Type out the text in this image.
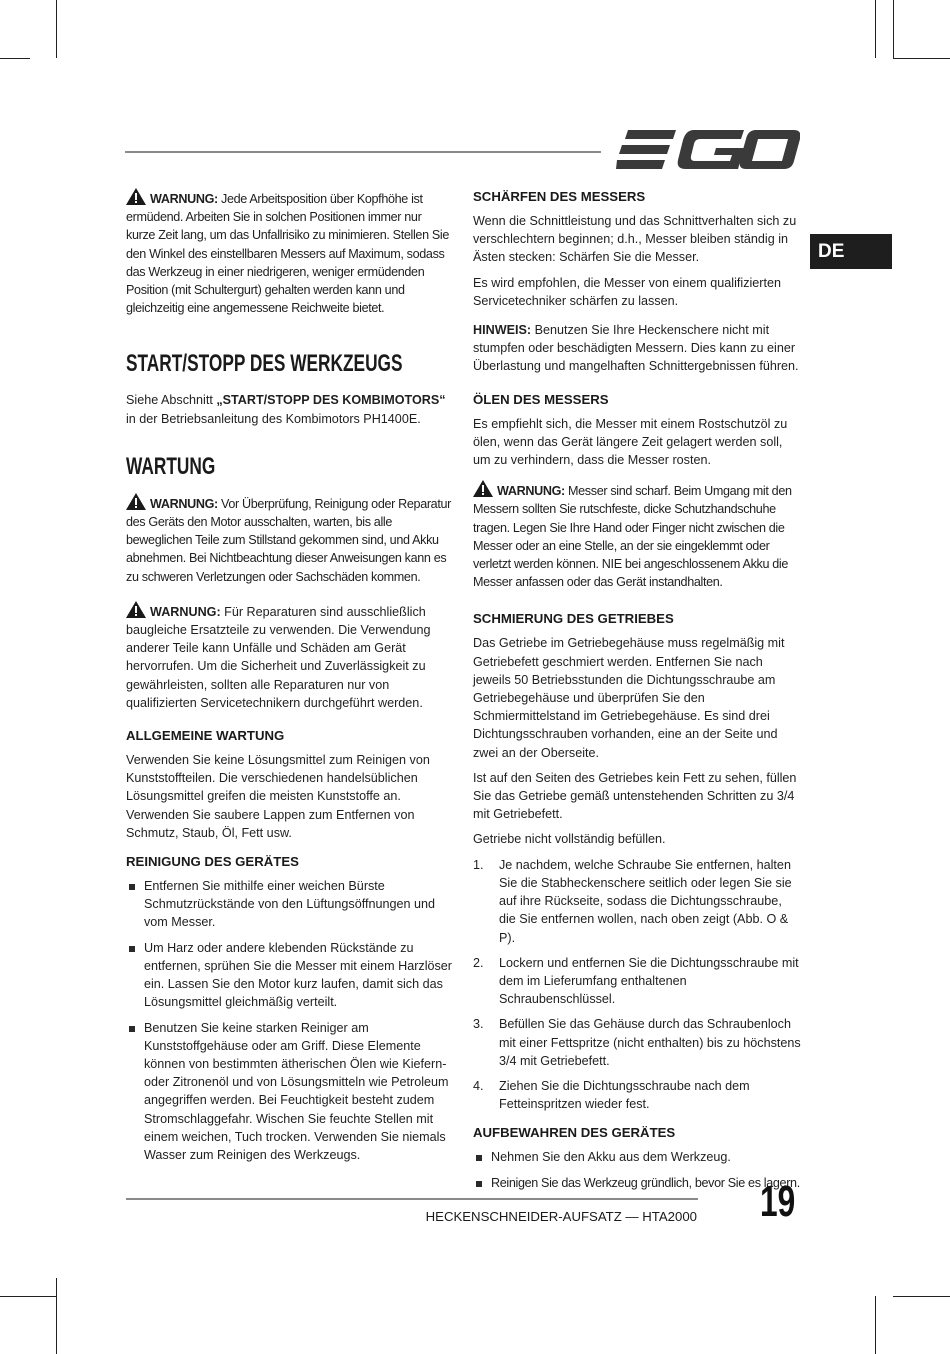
EGO
DE

WARNUNG: Jede Arbeitsposition über Kopfhöhe ist ermüdend. Arbeiten Sie in solchen Positionen immer nur kurze Zeit lang, um das Unfallrisiko zu minimieren. Stellen Sie den Winkel des einstellbaren Messers auf Maximum, sodass das Werkzeug in einer niedrigeren, weniger ermüdenden Position (mit Schultergurt) gehalten werden kann und gleichzeitig eine angemessene Reichweite bietet.

START/STOPP DES WERKZEUGS

Siehe Abschnitt „START/STOPP DES KOMBIMOTORS“ in der Betriebsanleitung des Kombimotors PH1400E.

WARTUNG

WARNUNG: Vor Überprüfung, Reinigung oder Reparatur des Geräts den Motor ausschalten, warten, bis alle beweglichen Teile zum Stillstand gekommen sind, und Akku abnehmen. Bei Nichtbeachtung dieser Anweisungen kann es zu schweren Verletzungen oder Sachschäden kommen.

WARNUNG: Für Reparaturen sind ausschließlich baugleiche Ersatzteile zu verwenden. Die Verwendung anderer Teile kann Unfälle und Schäden am Gerät hervorrufen. Um die Sicherheit und Zuverlässigkeit zu gewährleisten, sollten alle Reparaturen nur von qualifizierten Servicetechnikern durchgeführt werden.

ALLGEMEINE WARTUNG

Verwenden Sie keine Lösungsmittel zum Reinigen von Kunststoffteilen. Die verschiedenen handelsüblichen Lösungsmittel greifen die meisten Kunststoffe an. Verwenden Sie saubere Lappen zum Entfernen von Schmutz, Staub, Öl, Fett usw.

REINIGUNG DES GERÄTES
Entfernen Sie mithilfe einer weichen Bürste Schmutzrückstände von den Lüftungsöffnungen und vom Messer.
Um Harz oder andere klebenden Rückstände zu entfernen, sprühen Sie die Messer mit einem Harzlöser ein. Lassen Sie den Motor kurz laufen, damit sich das Lösungsmittel gleichmäßig verteilt.
Benutzen Sie keine starken Reiniger am Kunststoffgehäuse oder am Griff. Diese Elemente können von bestimmten ätherischen Ölen wie Kiefern- oder Zitronenöl und von Lösungsmitteln wie Petroleum angegriffen werden. Bei Feuchtigkeit besteht zudem Stromschlaggefahr. Wischen Sie feuchte Stellen mit einem weichen, Tuch trocken. Verwenden Sie niemals Wasser zum Reinigen des Werkzeugs.
SCHÄRFEN DES MESSERS

Wenn die Schnittleistung und das Schnittverhalten sich zu verschlechtern beginnen; d.h., Messer bleiben ständig in Ästen stecken: Schärfen Sie die Messer.

Es wird empfohlen, die Messer von einem qualifizierten Servicetechniker schärfen zu lassen.

HINWEIS: Benutzen Sie Ihre Heckenschere nicht mit stumpfen oder beschädigten Messern. Dies kann zu einer Überlastung und mangelhaften Schnittergebnissen führen.

ÖLEN DES MESSERS

Es empfiehlt sich, die Messer mit einem Rostschutzöl zu ölen, wenn das Gerät längere Zeit gelagert werden soll, um zu verhindern, dass die Messer rosten.

WARNUNG: Messer sind scharf. Beim Umgang mit den Messern sollten Sie rutschfeste, dicke Schutzhandschuhe tragen. Legen Sie Ihre Hand oder Finger nicht zwischen die Messer oder an eine Stelle, an der sie eingeklemmt oder verletzt werden können. NIE bei angeschlossenem Akku die Messer anfassen oder das Gerät instandhalten.

SCHMIERUNG DES GETRIEBES

Das Getriebe im Getriebegehäuse muss regelmäßig mit Getriebefett geschmiert werden. Entfernen Sie nach jeweils 50 Betriebsstunden die Dichtungsschraube am Getriebegehäuse und überprüfen Sie den Schmiermittelstand im Getriebegehäuse. Es sind drei Dichtungsschrauben vorhanden, eine an der Seite und zwei an der Oberseite.

Ist auf den Seiten des Getriebes kein Fett zu sehen, füllen Sie das Getriebe gemäß untenstehenden Schritten zu 3/4 mit Getriebefett.

Getriebe nicht vollständig befüllen.

1. Je nachdem, welche Schraube Sie entfernen, halten Sie die Stabheckenschere seitlich oder legen Sie sie auf ihre Rückseite, sodass die Dichtungsschraube, die Sie entfernen wollen, nach oben zeigt (Abb. O & P).
2. Lockern und entfernen Sie die Dichtungsschraube mit dem im Lieferumfang enthaltenen Schraubenschlüssel.
3. Befüllen Sie das Gehäuse durch das Schraubenloch mit einer Fettspritze (nicht enthalten) bis zu höchstens 3/4 mit Getriebefett.
4. Ziehen Sie die Dichtungsschraube nach dem Fetteinspritzen wieder fest.
AUFBEWAHREN DES GERÄTES
Nehmen Sie den Akku aus dem Werkzeug.
Reinigen Sie das Werkzeug gründlich, bevor Sie es lagern.
HECKENSCHNEIDER-AUFSATZ — HTA2000 19
